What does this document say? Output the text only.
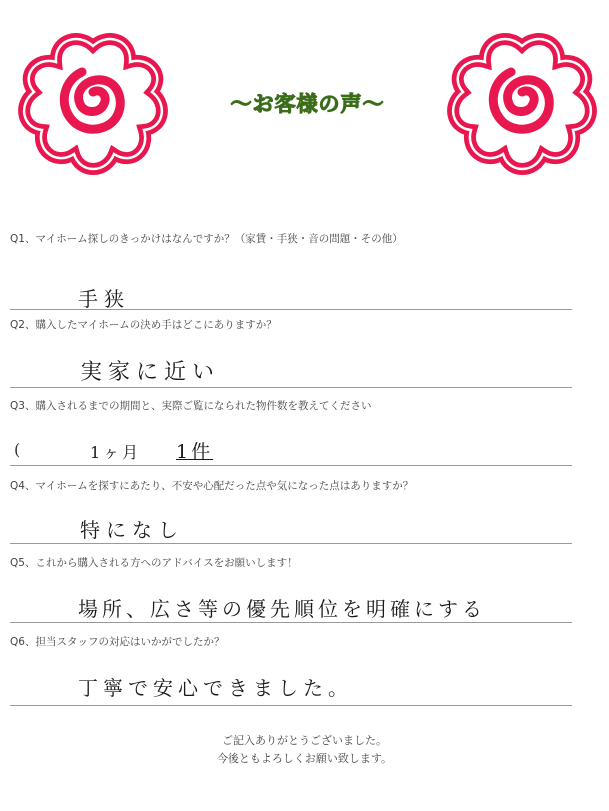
～お客様の声～
Q1、マイホーム探しのきっかけはなんですか？（家賃・手狭・音の問題・その他）
手狭
Q2、購入したマイホームの決め手はどこにありますか？
実家に近い
Q3、購入されるまでの期間と、実際ご覧になられた物件数を教えてください
(	1ヶ月 1件
Q4、マイホームを探すにあたり、不安や心配だった点や気になった点はありますか？
特になし
Q5、これから購入される方へのアドバイスをお願いします！
場所、広さ等の優先順位を明確にする
Q6、担当スタッフの対応はいかがでしたか？
丁寧で安心できました。
ご記入ありがとうございました。
今後ともよろしくお願い致します。
